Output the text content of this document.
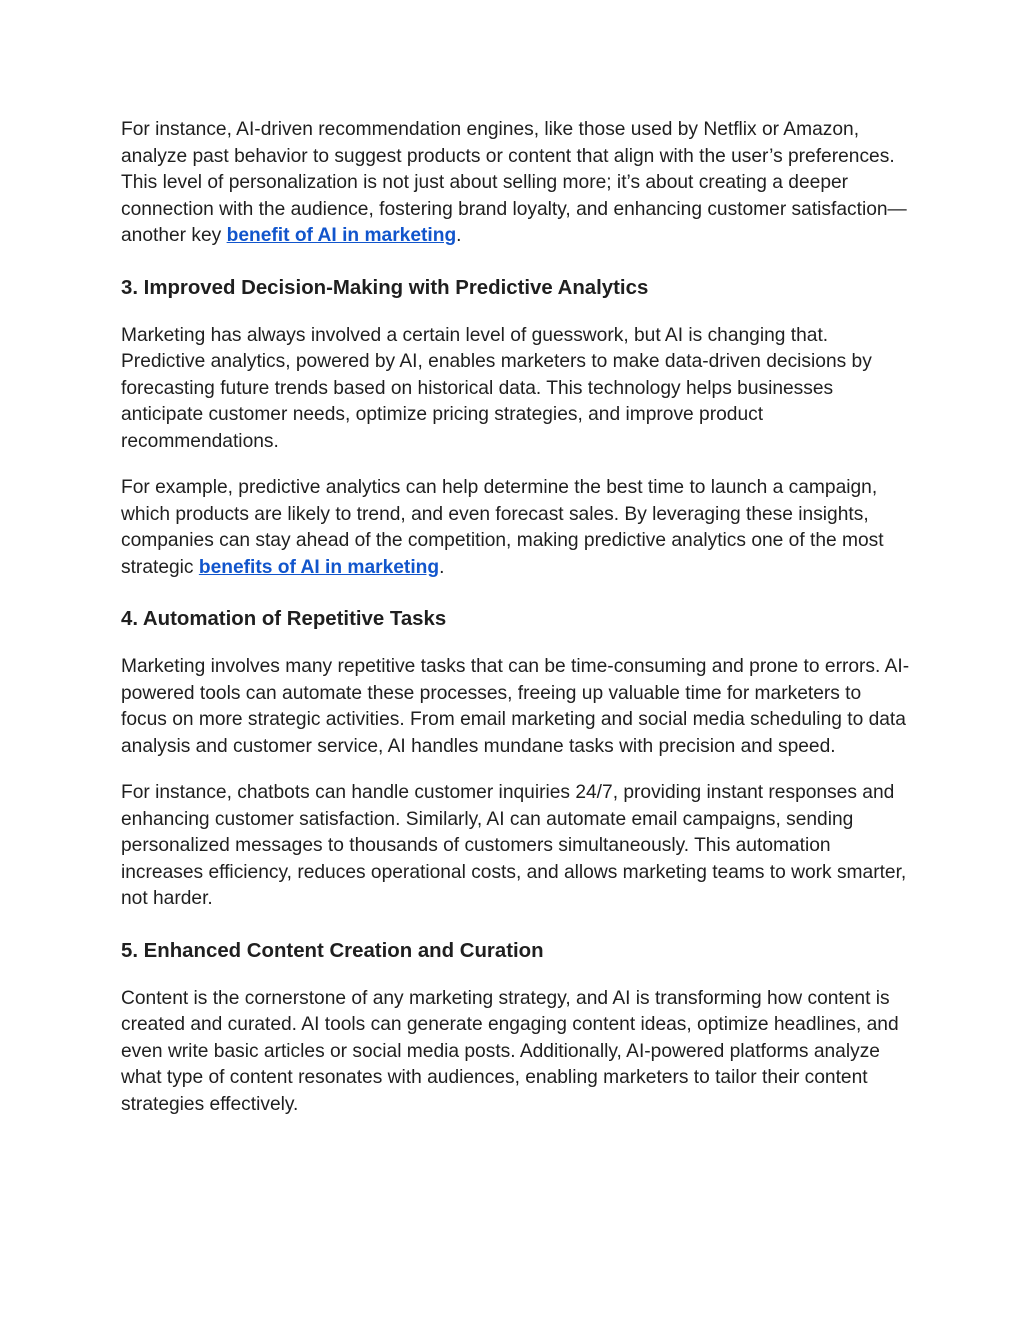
For instance, AI-driven recommendation engines, like those used by Netflix or Amazon, analyze past behavior to suggest products or content that align with the user’s preferences. This level of personalization is not just about selling more; it’s about creating a deeper connection with the audience, fostering brand loyalty, and enhancing customer satisfaction—another key benefit of AI in marketing.

3. Improved Decision-Making with Predictive Analytics

Marketing has always involved a certain level of guesswork, but AI is changing that. Predictive analytics, powered by AI, enables marketers to make data-driven decisions by forecasting future trends based on historical data. This technology helps businesses anticipate customer needs, optimize pricing strategies, and improve product recommendations.

For example, predictive analytics can help determine the best time to launch a campaign, which products are likely to trend, and even forecast sales. By leveraging these insights, companies can stay ahead of the competition, making predictive analytics one of the most strategic benefits of AI in marketing.

4. Automation of Repetitive Tasks

Marketing involves many repetitive tasks that can be time-consuming and prone to errors. AI-powered tools can automate these processes, freeing up valuable time for marketers to focus on more strategic activities. From email marketing and social media scheduling to data analysis and customer service, AI handles mundane tasks with precision and speed.

For instance, chatbots can handle customer inquiries 24/7, providing instant responses and enhancing customer satisfaction. Similarly, AI can automate email campaigns, sending personalized messages to thousands of customers simultaneously. This automation increases efficiency, reduces operational costs, and allows marketing teams to work smarter, not harder.

5. Enhanced Content Creation and Curation

Content is the cornerstone of any marketing strategy, and AI is transforming how content is created and curated. AI tools can generate engaging content ideas, optimize headlines, and even write basic articles or social media posts. Additionally, AI-powered platforms analyze what type of content resonates with audiences, enabling marketers to tailor their content strategies effectively.
